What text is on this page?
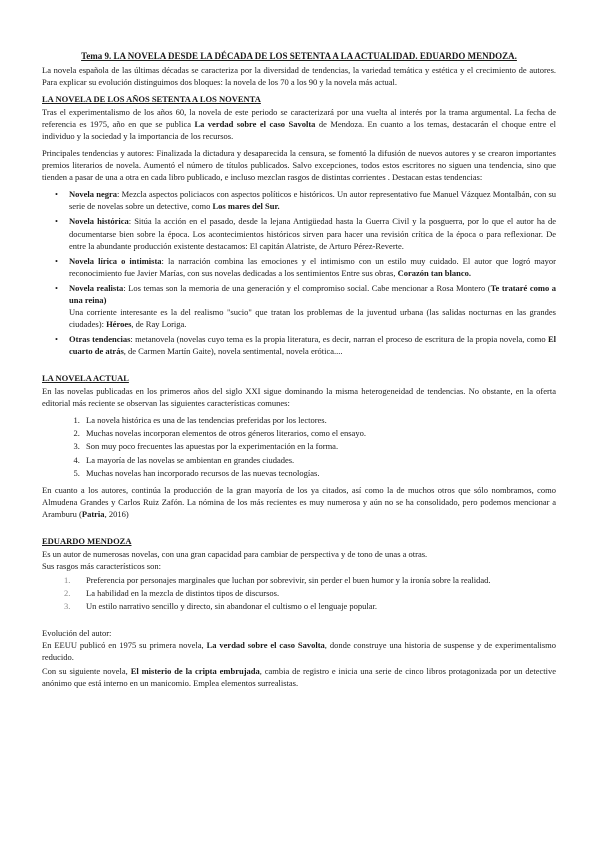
Tema 9. LA NOVELA DESDE LA DÉCADA DE LOS SETENTA A LA ACTUALIDAD. EDUARDO MENDOZA.

La novela española de las últimas décadas se caracteriza por la diversidad de tendencias, la variedad temática y estética y el crecimiento de autores. Para explicar su evolución distinguimos dos bloques: la novela de los 70 a los 90 y la novela más actual.

LA NOVELA DE LOS AÑOS SETENTA A LOS NOVENTA

Tras el experimentalismo de los años 60, la novela de este periodo se caracterizará por una vuelta al interés por la trama argumental. La fecha de referencia es 1975, año en que se publica La verdad sobre el caso Savolta de Mendoza. En cuanto a los temas, destacarán el choque entre el individuo y la sociedad y la importancia de los recursos.

Principales tendencias y autores: Finalizada la dictadura y desaparecida la censura, se fomentó la difusión de nuevos autores y se crearon importantes premios literarios de novela. Aumentó el número de títulos publicados. Salvo excepciones, todos estos escritores no siguen una tendencia, sino que tienden a pasar de una a otra en cada libro publicado, e incluso mezclan rasgos de distintas corrientes . Destacan estas tendencias:

• Novela negra: Mezcla aspectos policiacos con aspectos políticos e históricos. Un autor representativo fue Manuel Vázquez Montalbán, con su serie de novelas sobre un detective, como Los mares del Sur.
• Novela histórica: Sitúa la acción en el pasado, desde la lejana Antigüedad hasta la Guerra Civil y la posguerra, por lo que el autor ha de documentarse bien sobre la época. Los acontecimientos históricos sirven para hacer una revisión crítica de la época o para reflexionar. De entre la abundante producción existente destacamos: El capitán Alatriste, de Arturo Pérez-Reverte.
• Novela lírica o intimista: la narración combina las emociones y el intimismo con un estilo muy cuidado. El autor que logró mayor reconocimiento fue Javier Marías, con sus novelas dedicadas a los sentimientos Entre sus obras, Corazón tan blanco.
• Novela realista: Los temas son la memoria de una generación y el compromiso social. Cabe mencionar a Rosa Montero (Te trataré como a una reina)
Una corriente interesante es la del realismo "sucio" que tratan los problemas de la juventud urbana (las salidas nocturnas en las grandes ciudades): Héroes, de Ray Loriga.
• Otras tendencias: metanovela (novelas cuyo tema es la propia literatura, es decir, narran el proceso de escritura de la propia novela, como El cuarto de atrás, de Carmen Martín Gaite), novela sentimental, novela erótica....
LA NOVELA ACTUAL

En las novelas publicadas en los primeros años del siglo XXI sigue dominando la misma heterogeneidad de tendencias. No obstante, en la oferta editorial más reciente se observan las siguientes características comunes:

1. La novela histórica es una de las tendencias preferidas por los lectores.
2. Muchas novelas incorporan elementos de otros géneros literarios, como el ensayo.
3. Son muy poco frecuentes las apuestas por la experimentación en la forma.
4. La mayoría de las novelas se ambientan en grandes ciudades.
5. Muchas novelas han incorporado recursos de las nuevas tecnologías.

En cuanto a los autores, continúa la producción de la gran mayoría de los ya citados, así como la de muchos otros que sólo nombramos, como Almudena Grandes y Carlos Ruiz Zafón. La nómina de los más recientes es muy numerosa y aún no se ha consolidado, pero podemos mencionar a Aramburu (Patria, 2016)

EDUARDO MENDOZA

Es un autor de numerosas novelas, con una gran capacidad para cambiar de perspectiva y de tono de unas a otras.

Sus rasgos más característicos son:

1. Preferencia por personajes marginales que luchan por sobrevivir, sin perder el buen humor y la ironía sobre la realidad.
2. La habilidad en la mezcla de distintos tipos de discursos.
3. Un estilo narrativo sencillo y directo, sin abandonar el cultismo o el lenguaje popular.

Evolución del autor:

En EEUU publicó en 1975 su primera novela, La verdad sobre el caso Savolta, donde construye una historia de suspense y de experimentalismo reducido.

Con su siguiente novela, El misterio de la cripta embrujada, cambia de registro e inicia una serie de cinco libros protagonizada por un detective anónimo que está interno en un manicomio. Emplea elementos surrealistas.
